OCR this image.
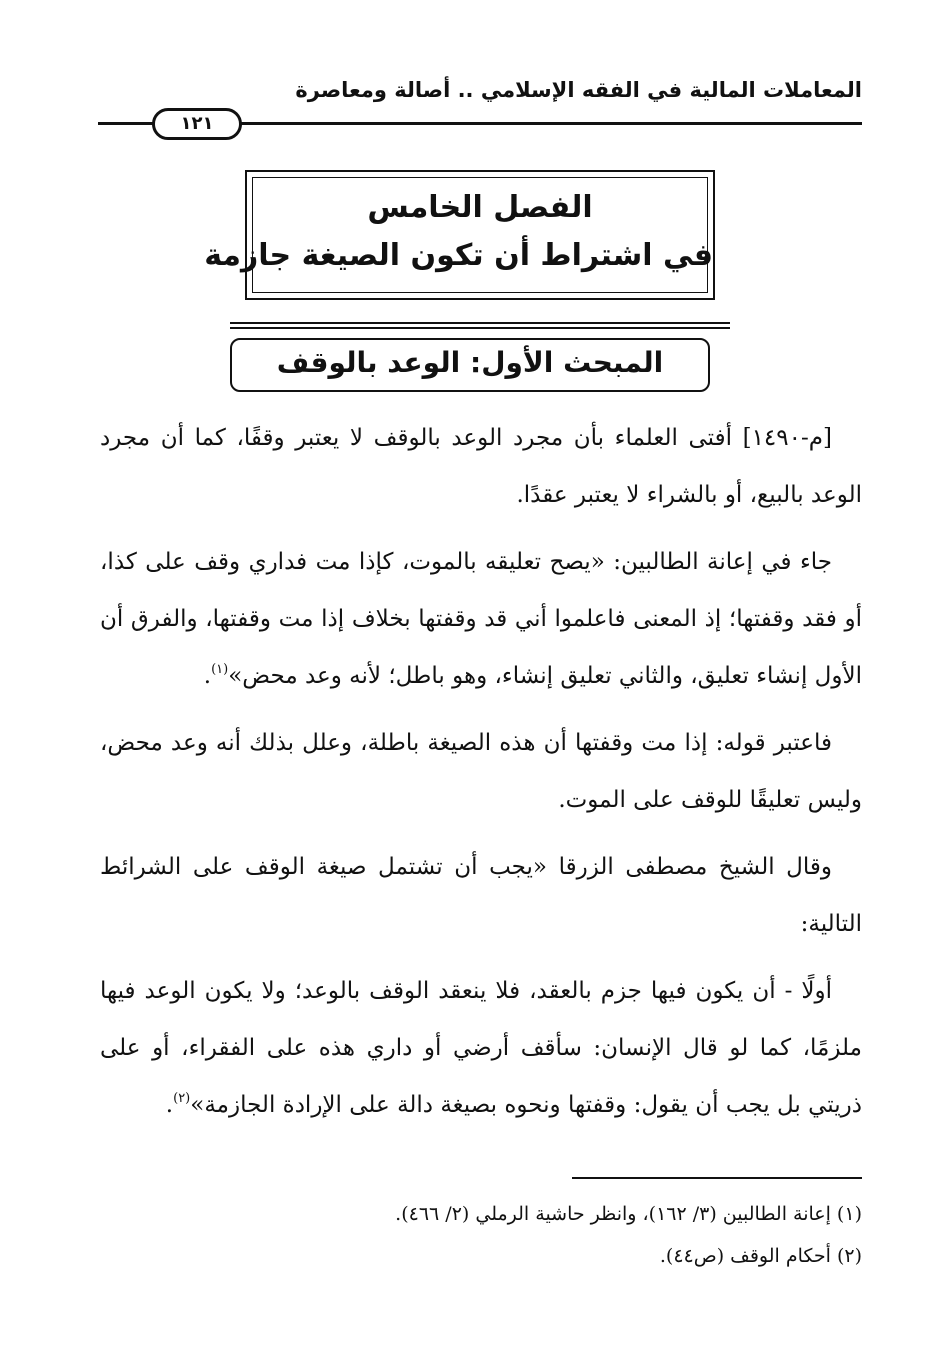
المعاملات المالية في الفقه الإسلامي .. أصالة ومعاصرة
١٢١
الفصل الخامس
في اشتراط أن تكون الصيغة جازمة
المبحث الأول: الوعد بالوقف

[م-١٤٩٠] أفتى العلماء بأن مجرد الوعد بالوقف لا يعتبر وقفًا، كما أن مجرد الوعد بالبيع، أو بالشراء لا يعتبر عقدًا.

جاء في إعانة الطالبين: «يصح تعليقه بالموت، كإذا مت فداري وقف على كذا، أو فقد وقفتها؛ إذ المعنى فاعلموا أني قد وقفتها بخلاف إذا مت وقفتها، والفرق أن الأول إنشاء تعليق، والثاني تعليق إنشاء، وهو باطل؛ لأنه وعد محض»$^{(١)}$.

فاعتبر قوله: إذا مت وقفتها أن هذه الصيغة باطلة، وعلل بذلك أنه وعد محض، وليس تعليقًا للوقف على الموت.

وقال الشيخ مصطفى الزرقا «يجب أن تشتمل صيغة الوقف على الشرائط التالية:

أولًا - أن يكون فيها جزم بالعقد، فلا ينعقد الوقف بالوعد؛ ولا يكون الوعد فيها ملزمًا، كما لو قال الإنسان: سأقف أرضي أو داري هذه على الفقراء، أو على ذريتي بل يجب أن يقول: وقفتها ونحوه بصيغة دالة على الإرادة الجازمة»$^{(٢)}$.

(١) إعانة الطالبين (٣/ ١٦٢)، وانظر حاشية الرملي (٢/ ٤٦٦).
(٢) أحكام الوقف (ص٤٤).
